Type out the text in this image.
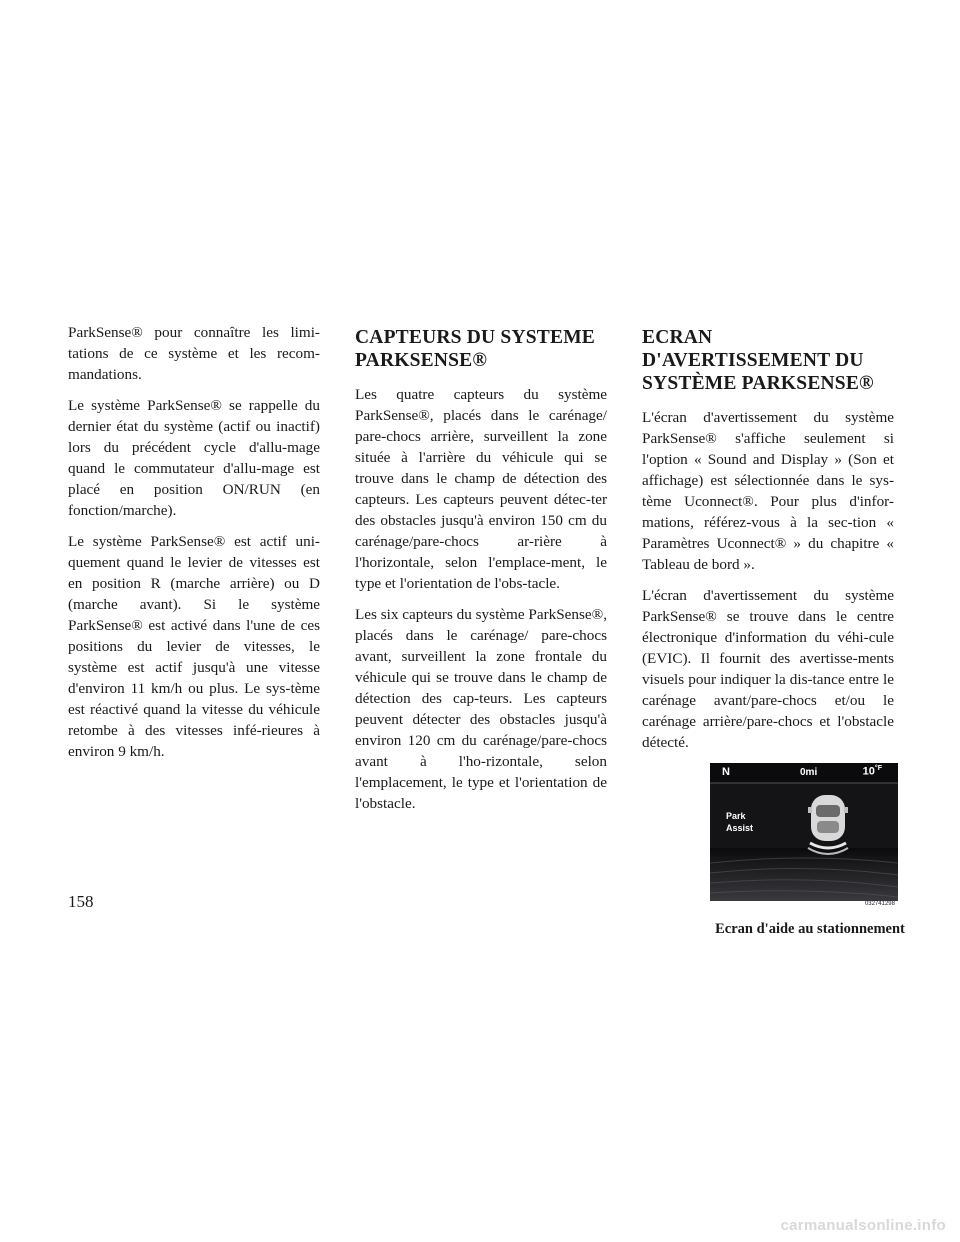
ParkSense® pour connaître les limi-tations de ce système et les recom-mandations.

Le système ParkSense® se rappelle du dernier état du système (actif ou inactif) lors du précédent cycle d'allu-mage quand le commutateur d'allu-mage est placé en position ON/RUN (en fonction/marche).

Le système ParkSense® est actif uni-quement quand le levier de vitesses est en position R (marche arrière) ou D (marche avant). Si le système ParkSense® est activé dans l'une de ces positions du levier de vitesses, le système est actif jusqu'à une vitesse d'environ 11 km/h ou plus. Le sys-tème est réactivé quand la vitesse du véhicule retombe à des vitesses infé-rieures à environ 9 km/h.

CAPTEURS DU SYSTEME PARKSENSE®

Les quatre capteurs du système ParkSense®, placés dans le carénage/ pare-chocs arrière, surveillent la zone située à l'arrière du véhicule qui se trouve dans le champ de détection des capteurs. Les capteurs peuvent détec-ter des obstacles jusqu'à environ 150 cm du carénage/pare-chocs ar-rière à l'horizontale, selon l'emplace-ment, le type et l'orientation de l'obs-tacle.

Les six capteurs du système ParkSense®, placés dans le carénage/ pare-chocs avant, surveillent la zone frontale du véhicule qui se trouve dans le champ de détection des cap-teurs. Les capteurs peuvent détecter des obstacles jusqu'à environ 120 cm du carénage/pare-chocs avant à l'ho-rizontale, selon l'emplacement, le type et l'orientation de l'obstacle.

ECRAN D'AVERTISSEMENT DU SYSTÈME PARKSENSE®

L'écran d'avertissement du système ParkSense® s'affiche seulement si l'option « Sound and Display » (Son et affichage) est sélectionnée dans le sys-tème Uconnect®. Pour plus d'infor-mations, référez-vous à la sec-tion « Paramètres Uconnect® » du chapitre « Tableau de bord ».

L'écran d'avertissement du système ParkSense® se trouve dans le centre électronique d'information du véhi-cule (EVIC). Il fournit des avertisse-ments visuels pour indiquer la dis-tance entre le carénage avant/pare-chocs et/ou le carénage arrière/pare-chocs et l'obstacle détecté.

N	0mi	$10^{^\circ F}$
Park
Assist
032741298
Ecran d'aide au stationnement
158
carmanualsonline.info
